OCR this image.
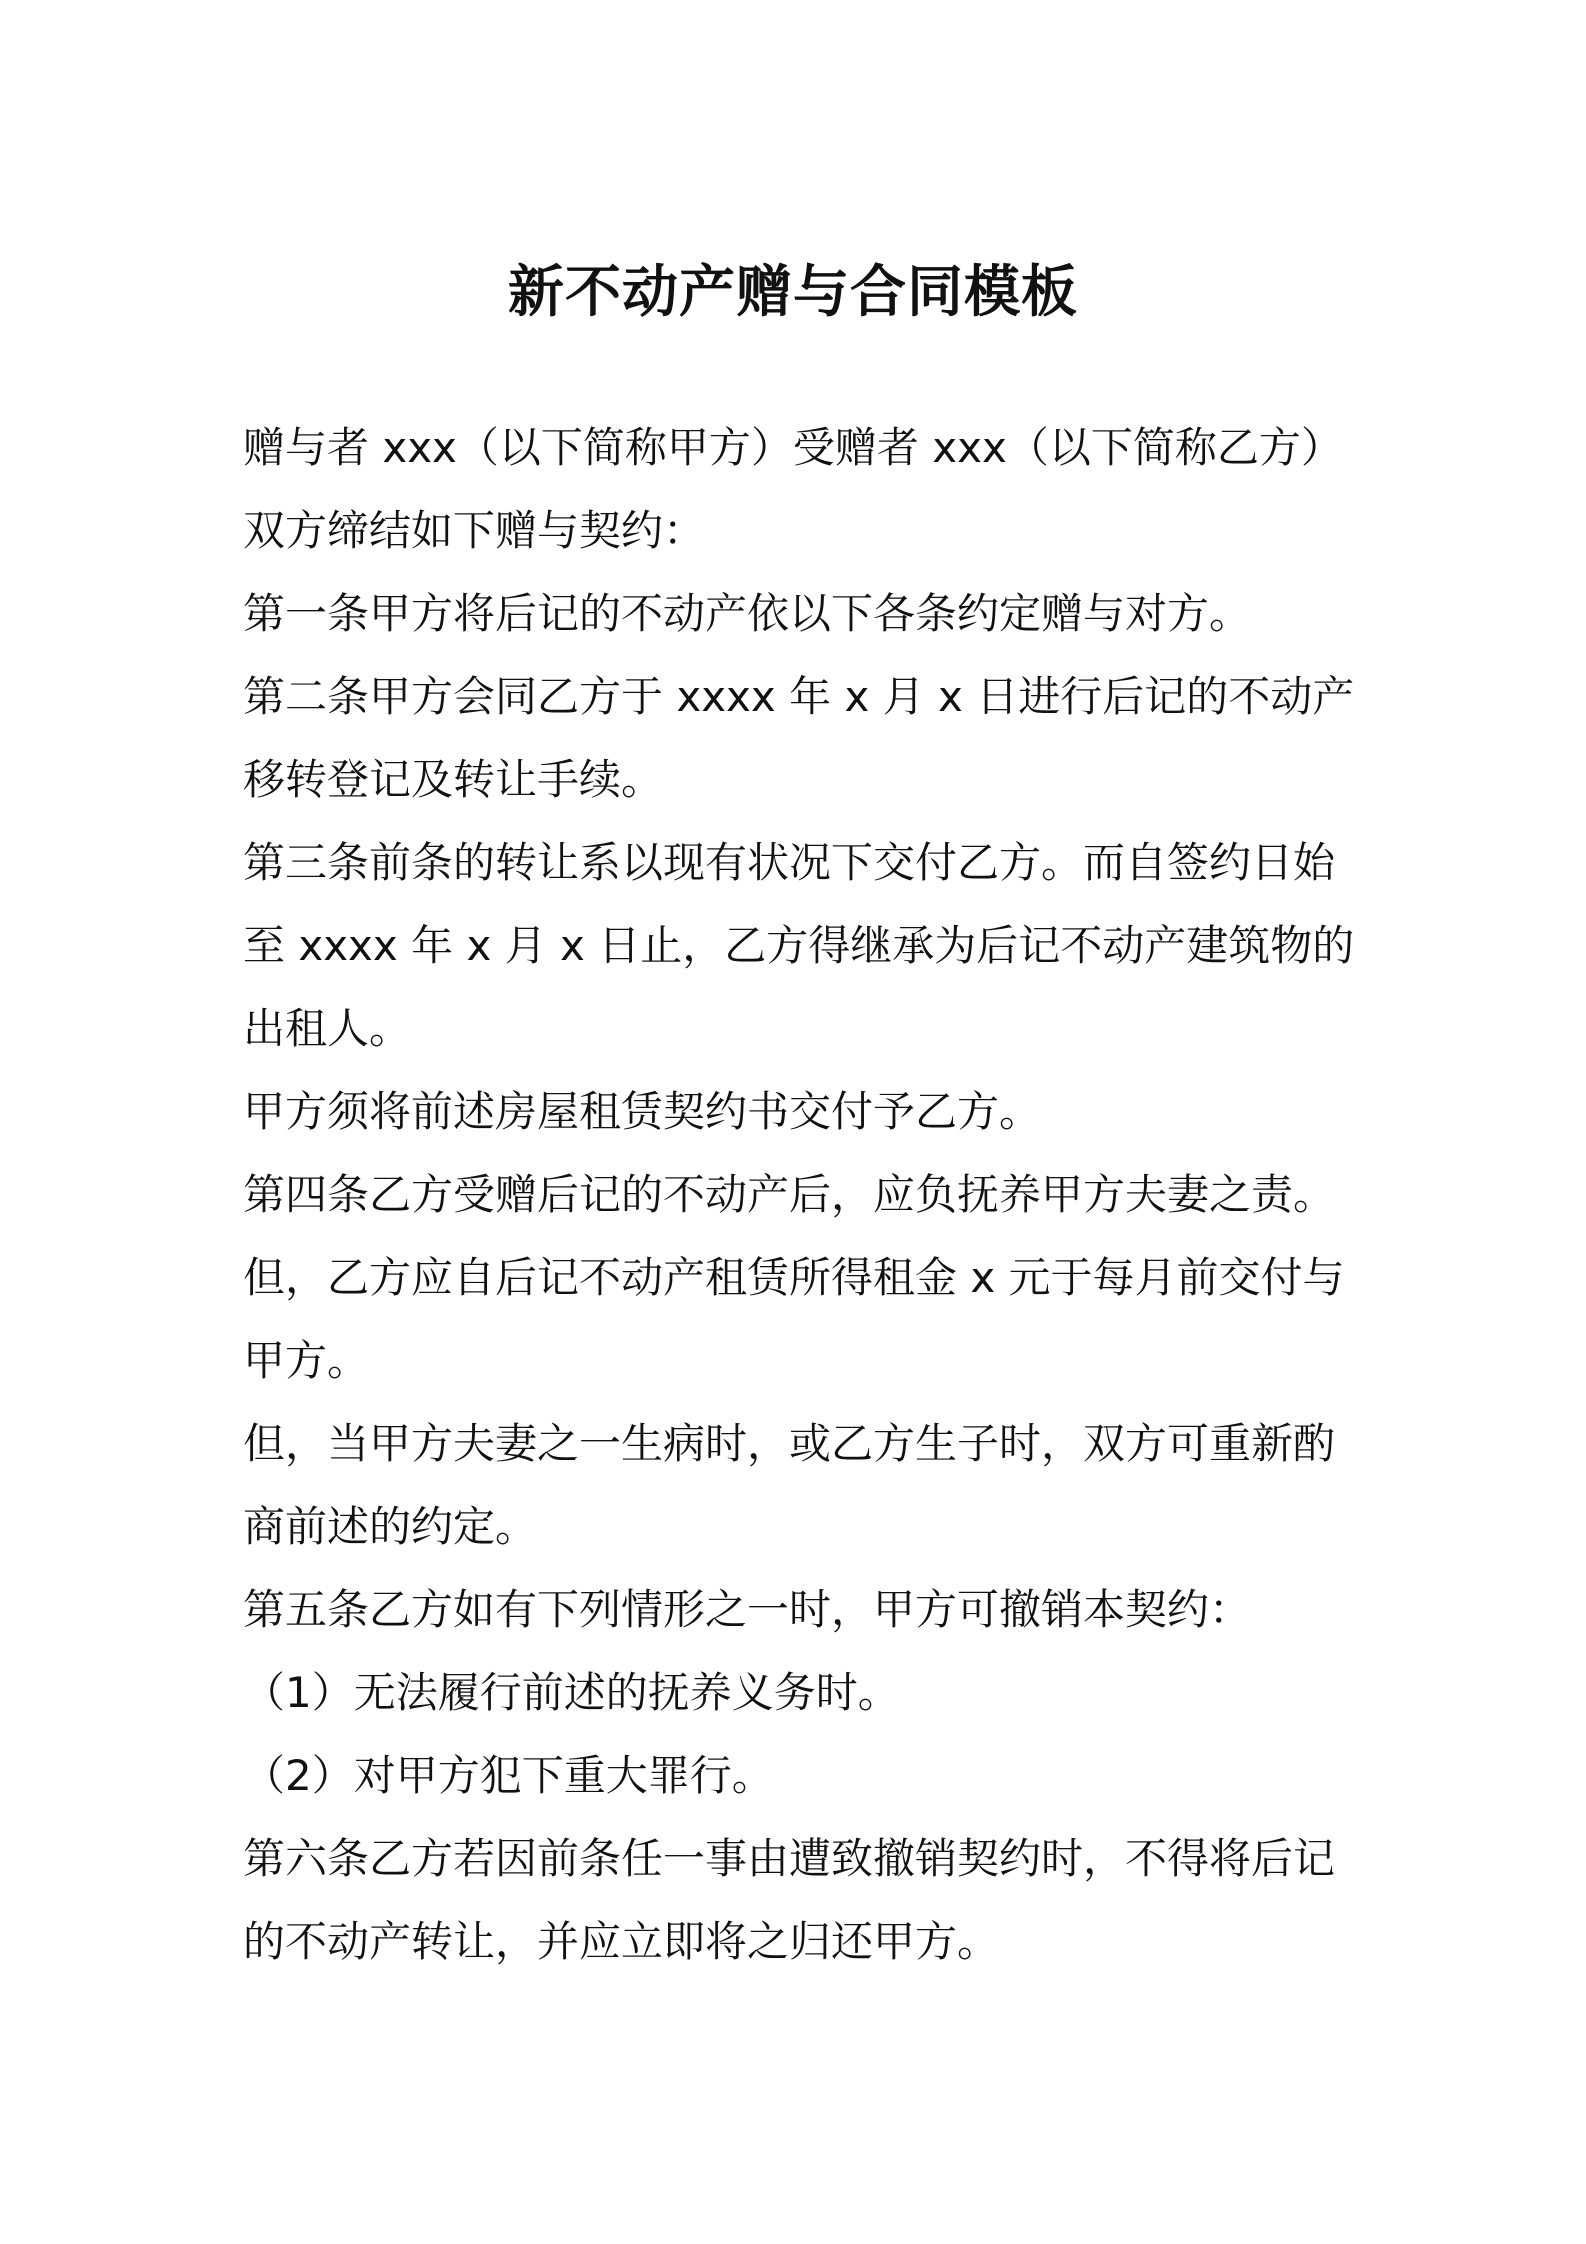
新不动产赠与合同模板
赠与者 xxx（以下简称甲方）受赠者 xxx（以下简称乙方）
双方缔结如下赠与契约：
第一条甲方将后记的不动产依以下各条约定赠与对方。
第二条甲方会同乙方于 xxxx 年 x 月 x 日进行后记的不动产
移转登记及转让手续。
第三条前条的转让系以现有状况下交付乙方。而自签约日始
至 xxxx 年 x 月 x 日止，乙方得继承为后记不动产建筑物的
出租人。
甲方须将前述房屋租赁契约书交付予乙方。
第四条乙方受赠后记的不动产后，应负抚养甲方夫妻之责。
但，乙方应自后记不动产租赁所得租金 x 元于每月前交付与
甲方。
但，当甲方夫妻之一生病时，或乙方生子时，双方可重新酌
商前述的约定。
第五条乙方如有下列情形之一时，甲方可撤销本契约：
（1）无法履行前述的抚养义务时。
（2）对甲方犯下重大罪行。
第六条乙方若因前条任一事由遭致撤销契约时，不得将后记
的不动产转让，并应立即将之归还甲方。
